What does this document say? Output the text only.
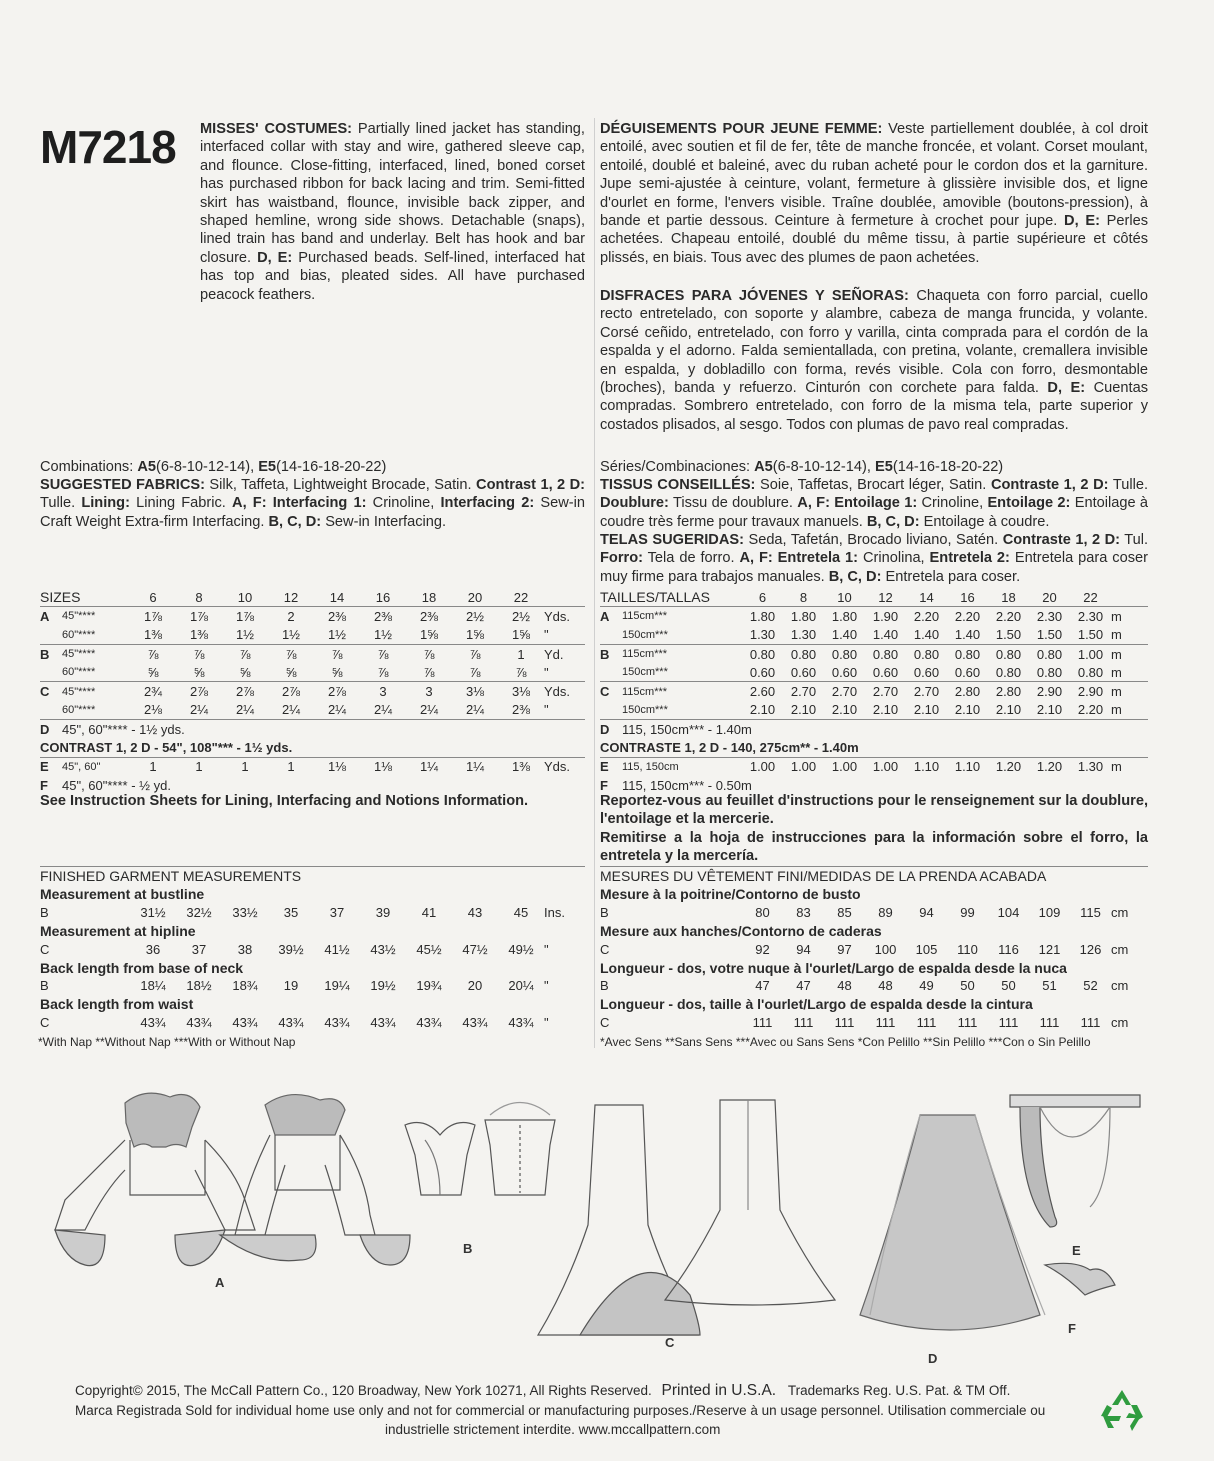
M7218 MISSES' COSTUMES: Partially lined jacket has standing, interfaced collar with stay and wire, gathered sleeve cap, and flounce. Close-fitting, interfaced, lined, boned corset has purchased ribbon for back lacing and trim. Semi-fitted skirt has waistband, flounce, invisible back zipper, and shaped hemline, wrong side shows. Detachable (snaps), lined train has band and underlay. Belt has hook and bar closure. D, E: Purchased beads. Self-lined, interfaced hat has top and bias, pleated sides. All have purchased peacock feathers.
DÉGUISEMENTS POUR JEUNE FEMME: Veste partiellement doublée, à col droit entoilé, avec soutien et fil de fer, tête de manche froncée, et volant. Corset moulant, entoilé, doublé et baleiné, avec du ruban acheté pour le cordon dos et la garniture. Jupe semi-ajustée à ceinture, volant, fermeture à glissière invisible dos, et ligne d'ourlet en forme, l'envers visible. Traîne doublée, amovible (boutons-pression), à bande et partie dessous. Ceinture à fermeture à crochet pour jupe. D, E: Perles achetées. Chapeau entoilé, doublé du même tissu, à partie supérieure et côtés plissés, en biais. Tous avec des plumes de paon achetées.
DISFRACES PARA JÓVENES Y SEÑORAS: Chaqueta con forro parcial, cuello recto entretelado, con soporte y alambre, cabeza de manga fruncida, y volante. Corsé ceñido, entretelado, con forro y varilla, cinta comprada para el cordón de la espalda y el adorno. Falda semientallada, con pretina, volante, cremallera invisible en espalda, y dobladillo con forma, revés visible. Cola con forro, desmontable (broches), banda y refuerzo. Cinturón con corchete para falda. D, E: Cuentas compradas. Sombrero entretelado, con forro de la misma tela, parte superior y costados plisados, al sesgo. Todos con plumas de pavo real compradas.
Combinations: A5(6-8-10-12-14), E5(14-16-18-20-22)	Séries/Combinaciones: A5(6-8-10-12-14), E5(14-16-18-20-22)
SUGGESTED FABRICS: Silk, Taffeta, Lightweight Brocade, Satin. Contrast 1, 2 D: Tulle. Lining: Lining Fabric. A, F: Interfacing 1: Crinoline, Interfacing 2: Sew-in Craft Weight Extra-firm Interfacing. B, C, D: Sew-in Interfacing.
TISSUS CONSEILLÉS: Soie, Taffetas, Brocart léger, Satin. Contraste 1, 2 D: Tulle. Doublure: Tissu de doublure. A, F: Entoilage 1: Crinoline, Entoilage 2: Entoilage à coudre très ferme pour travaux manuels. B, C, D: Entoilage à coudre.
TELAS SUGERIDAS: Seda, Tafetán, Brocado liviano, Satén. Contraste 1, 2 D: Tul. Forro: Tela de forro. A, F: Entretela 1: Crinolina, Entretela 2: Entretela para coser muy firme para trabajos manuales. B, C, D: Entretela para coser.
SIZES		6	8	10	12	14	16	18	20	22	
A	45"****	1⅞	1⅞	1⅞	2	2⅜	2⅜	2⅜	2½	2½	Yds.
	60"****	1⅜	1⅜	1½	1½	1½	1½	1⅝	1⅝	1⅝	"
B	45"****	⅞	⅞	⅞	⅞	⅞	⅞	⅞	⅞	1	Yd.
	60"****	⅝	⅝	⅝	⅝	⅝	⅞	⅞	⅞	⅞	"
C	45"****	2¾	2⅞	2⅞	2⅞	2⅞	3	3	3⅛	3⅛	Yds.
	60"****	2⅛	2¼	2¼	2¼	2¼	2¼	2¼	2¼	2⅜	"
D	45", 60"**** - 1½ yds.										
CONTRAST 1, 2 D - 54", 108"*** - 1½ yds.											
E	45", 60"	1	1	1	1	1⅛	1⅛	1¼	1¼	1⅜	Yds.
F	45", 60"**** - ½ yd.										
TAILLES/TALLAS		6	8	10	12	14	16	18	20	22	
A	115cm***	1.80	1.80	1.80	1.90	2.20	2.20	2.20	2.30	2.30	m
	150cm***	1.30	1.30	1.40	1.40	1.40	1.40	1.50	1.50	1.50	m
B	115cm***	0.80	0.80	0.80	0.80	0.80	0.80	0.80	0.80	1.00	m
	150cm***	0.60	0.60	0.60	0.60	0.60	0.60	0.80	0.80	0.80	m
C	115cm***	2.60	2.70	2.70	2.70	2.70	2.80	2.80	2.90	2.90	m
	150cm***	2.10	2.10	2.10	2.10	2.10	2.10	2.10	2.10	2.20	m
D	115, 150cm*** - 1.40m										
CONTRASTE 1, 2 D - 140, 275cm** - 1.40m											
E	115, 150cm	1.00	1.00	1.00	1.00	1.10	1.10	1.20	1.20	1.30	m
F	115, 150cm*** - 0.50m										
See Instruction Sheets for Lining, Interfacing and Notions Information.	Reportez-vous au feuillet d'instructions pour le renseignement sur la doublure, l'entoilage et la mercerie.
Remitirse a la hoja de instrucciones para la información sobre el forro, la entretela y la mercería.
FINISHED GARMENT MEASUREMENTS										
Measurement at bustline										
B	31½	32½	33½	35	37	39	41	43	45	Ins.
Measurement at hipline										
C	36	37	38	39½	41½	43½	45½	47½	49½	"
Back length from base of neck										
B	18¼	18½	18¾	19	19¼	19½	19¾	20	20¼	"
Back length from waist										
C	43¾	43¾	43¾	43¾	43¾	43¾	43¾	43¾	43¾	"
MESURES DU VÊTEMENT FINI/MEDIDAS DE LA PRENDA ACABADA										
Mesure à la poitrine/Contorno de busto										
B	80	83	85	89	94	99	104	109	115	cm
Mesure aux hanches/Contorno de caderas										
C	92	94	97	100	105	110	116	121	126	cm
Longueur - dos, votre nuque à l'ourlet/Largo de espalda desde la nuca										
B	47	47	48	48	49	50	50	51	52	cm
Longueur - dos, taille à l'ourlet/Largo de espalda desde la cintura										
C	111	111	111	111	111	111	111	111	111	cm
*With Nap **Without Nap ***With or Without Nap	*Avec Sens **Sans Sens ***Avec ou Sans Sens *Con Pelillo **Sin Pelillo ***Con o Sin Pelillo
A
B
C
D
E
F
Copyright© 2015, The McCall Pattern Co., 120 Broadway, New York 10271, All Rights Reserved. Printed in U.S.A. Trademarks Reg. U.S. Pat. & TM Off.
Marca Registrada Sold for individual home use only and not for commercial or manufacturing purposes./Reserve à un usage personnel. Utilisation commerciale ou
industrielle strictement interdite. www.mccallpattern.com
